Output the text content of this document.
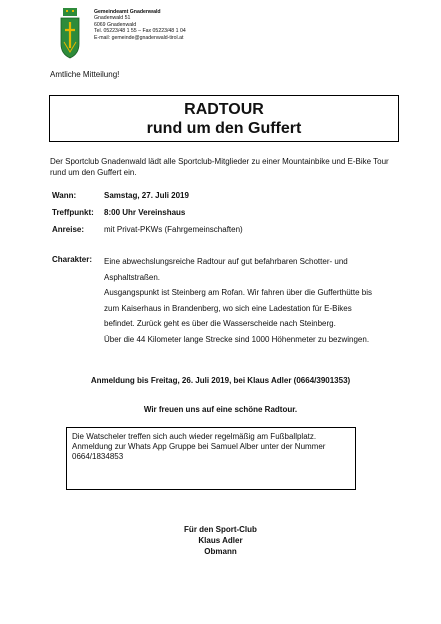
Gemeindeamt Gnadenwald
Gnadenwald 51
6069 Gnadenwald
Tel. 05223/48 1 55 – Fax 05223/48 1 04
E-mail: gemeinde@gnadenwald-tirol.at
Amtliche Mitteilung!
RADTOUR
rund um den Guffert
Der Sportclub Gnadenwald lädt alle Sportclub-Mitglieder zu einer Mountainbike und E-Bike Tour rund um den Guffert ein.
Wann:	Samstag, 27. Juli 2019
Treffpunkt: 8:00 Uhr Vereinshaus
Anreise: mit Privat-PKWs (Fahrgemeinschaften)
Charakter: Eine abwechslungsreiche Radtour auf gut befahrbaren Schotter- und
Asphaltstraßen.
Ausgangspunkt ist Steinberg am Rofan. Wir fahren über die Gufferthütte bis
zum Kaiserhaus in Brandenberg, wo sich eine Ladestation für E-Bikes
befindet. Zurück geht es über die Wasserscheide nach Steinberg.
Über die 44 Kilometer lange Strecke sind 1000 Höhenmeter zu bezwingen.
Anmeldung bis Freitag, 26. Juli 2019, bei Klaus Adler (0664/3901353)
Wir freuen uns auf eine schöne Radtour.
Die Watscheler treffen sich auch wieder regelmäßig am Fußballplatz.
Anmeldung zur Whats App Gruppe bei Samuel Alber unter der Nummer
0664/1834853
Für den Sport-Club
Klaus Adler
Obmann
